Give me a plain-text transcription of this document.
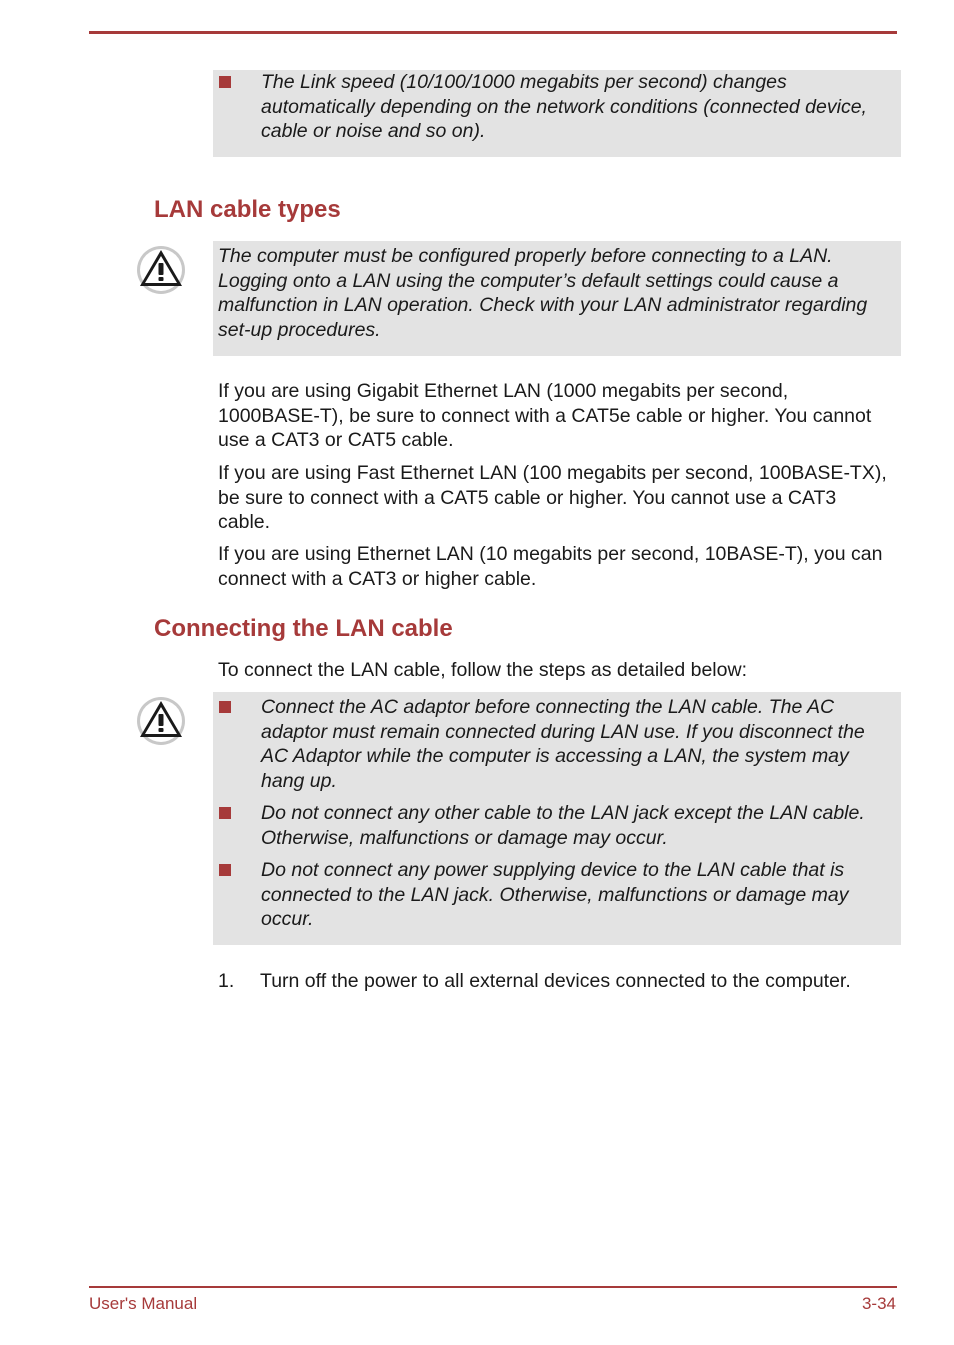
The Link speed (10/100/1000 megabits per second) changes automatically depending on the network conditions (connected device, cable or noise and so on).
LAN cable types
The computer must be configured properly before connecting to a LAN. Logging onto a LAN using the computer’s default settings could cause a malfunction in LAN operation. Check with your LAN administrator regarding set-up procedures.

If you are using Gigabit Ethernet LAN (1000 megabits per second, 1000BASE-T), be sure to connect with a CAT5e cable or higher. You cannot use a CAT3 or CAT5 cable.

If you are using Fast Ethernet LAN (100 megabits per second, 100BASE-TX), be sure to connect with a CAT5 cable or higher. You cannot use a CAT3 cable.

If you are using Ethernet LAN (10 megabits per second, 10BASE-T), you can connect with a CAT3 or higher cable.

Connecting the LAN cable

To connect the LAN cable, follow the steps as detailed below:

Connect the AC adaptor before connecting the LAN cable. The AC adaptor must remain connected during LAN use. If you disconnect the AC Adaptor while the computer is accessing a LAN, the system may hang up.
Do not connect any other cable to the LAN jack except the LAN cable. Otherwise, malfunctions or damage may occur.
Do not connect any power supplying device to the LAN cable that is connected to the LAN jack. Otherwise, malfunctions or damage may occur.
1. Turn off the power to all external devices connected to the computer.
User's Manual	3-34
